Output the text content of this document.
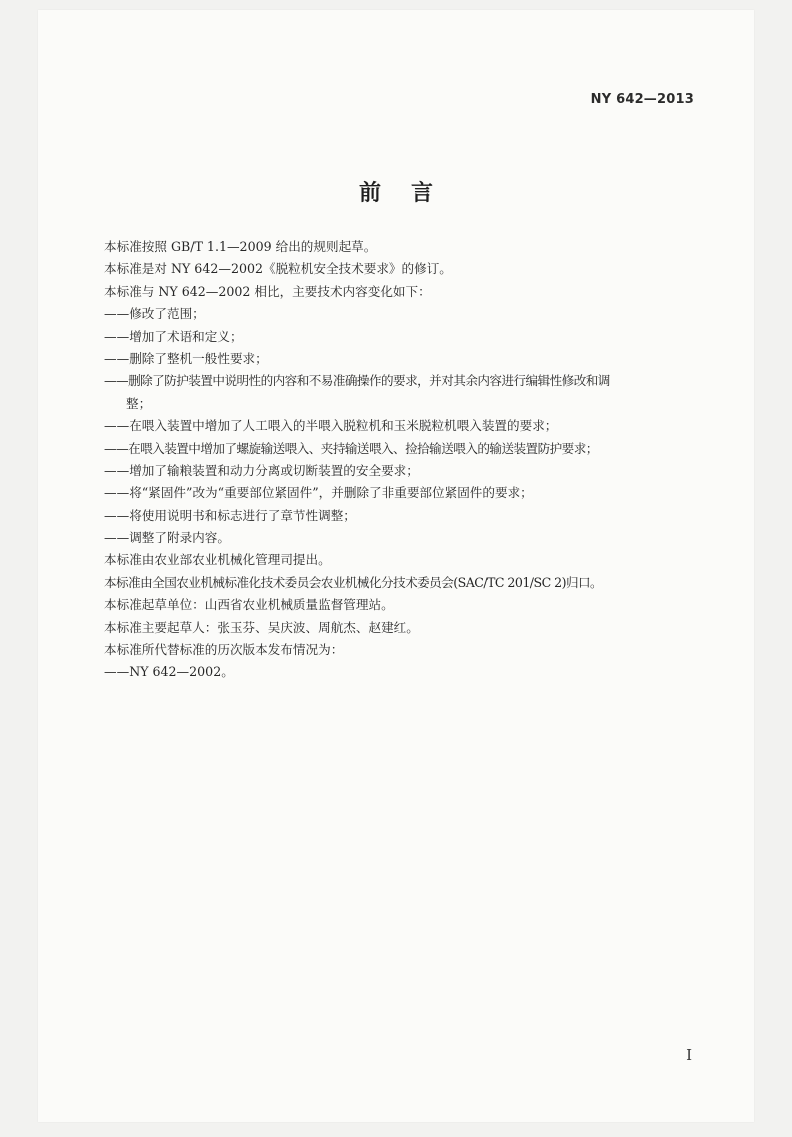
NY 642—2013
前言
本标准按照 GB/T 1.1—2009 给出的规则起草。
本标准是对 NY 642—2002《脱粒机安全技术要求》的修订。
本标准与 NY 642—2002 相比，主要技术内容变化如下：
——修改了范围；
——增加了术语和定义；
——删除了整机一般性要求；
——删除了防护装置中说明性的内容和不易准确操作的要求，并对其余内容进行编辑性修改和调
整；
——在喂入装置中增加了人工喂入的半喂入脱粒机和玉米脱粒机喂入装置的要求；
——在喂入装置中增加了螺旋输送喂入、夹持输送喂入、捡拾输送喂入的输送装置防护要求；
——增加了输粮装置和动力分离或切断装置的安全要求；
——将“紧固件”改为“重要部位紧固件”，并删除了非重要部位紧固件的要求；
——将使用说明书和标志进行了章节性调整；
——调整了附录内容。
本标准由农业部农业机械化管理司提出。
本标准由全国农业机械标准化技术委员会农业机械化分技术委员会(SAC/TC 201/SC 2)归口。
本标准起草单位：山西省农业机械质量监督管理站。
本标准主要起草人：张玉芬、吴庆波、周航杰、赵建红。
本标准所代替标准的历次版本发布情况为：
——NY 642—2002。
I
